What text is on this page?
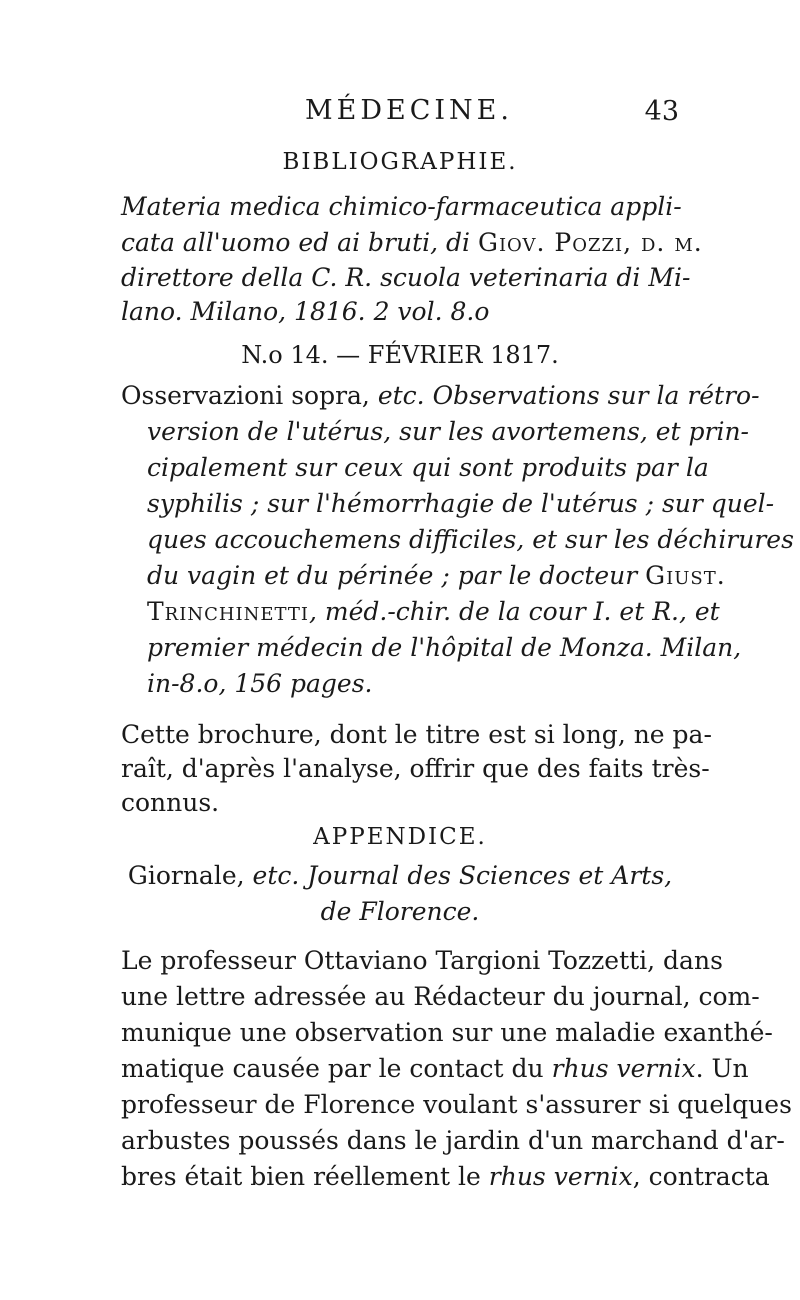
MÉDECINE.	43
BIBLIOGRAPHIE.
Materia medica chimico-farmaceutica appli-
cata all'uomo ed ai bruti, di Giov. Pozzi, d. m.
direttore della C. R. scuola veterinaria di Mi-
lano. Milano, 1816. 2 vol. 8.o
N.o 14. — FÉVRIER 1817.
Osservazioni sopra, etc. Observations sur la rétro-
version de l'utérus, sur les avortemens, et prin-
cipalement sur ceux qui sont produits par la
syphilis ; sur l'hémorrhagie de l'utérus ; sur quel-
ques accouchemens difficiles, et sur les déchirures
du vagin et du périnée ; par le docteur Giust.
Trinchinetti, méd.-chir. de la cour I. et R., et
premier médecin de l'hôpital de Monza. Milan,
in-8.o, 156 pages.
Cette brochure, dont le titre est si long, ne pa-
raît, d'après l'analyse, offrir que des faits très-
connus.
APPENDICE.
Giornale, etc. Journal des Sciences et Arts,
de Florence.
Le professeur Ottaviano Targioni Tozzetti, dans
une lettre adressée au Rédacteur du journal, com-
munique une observation sur une maladie exanthé-
matique causée par le contact du rhus vernix. Un
professeur de Florence voulant s'assurer si quelques
arbustes poussés dans le jardin d'un marchand d'ar-
bres était bien réellement le rhus vernix, contracta
